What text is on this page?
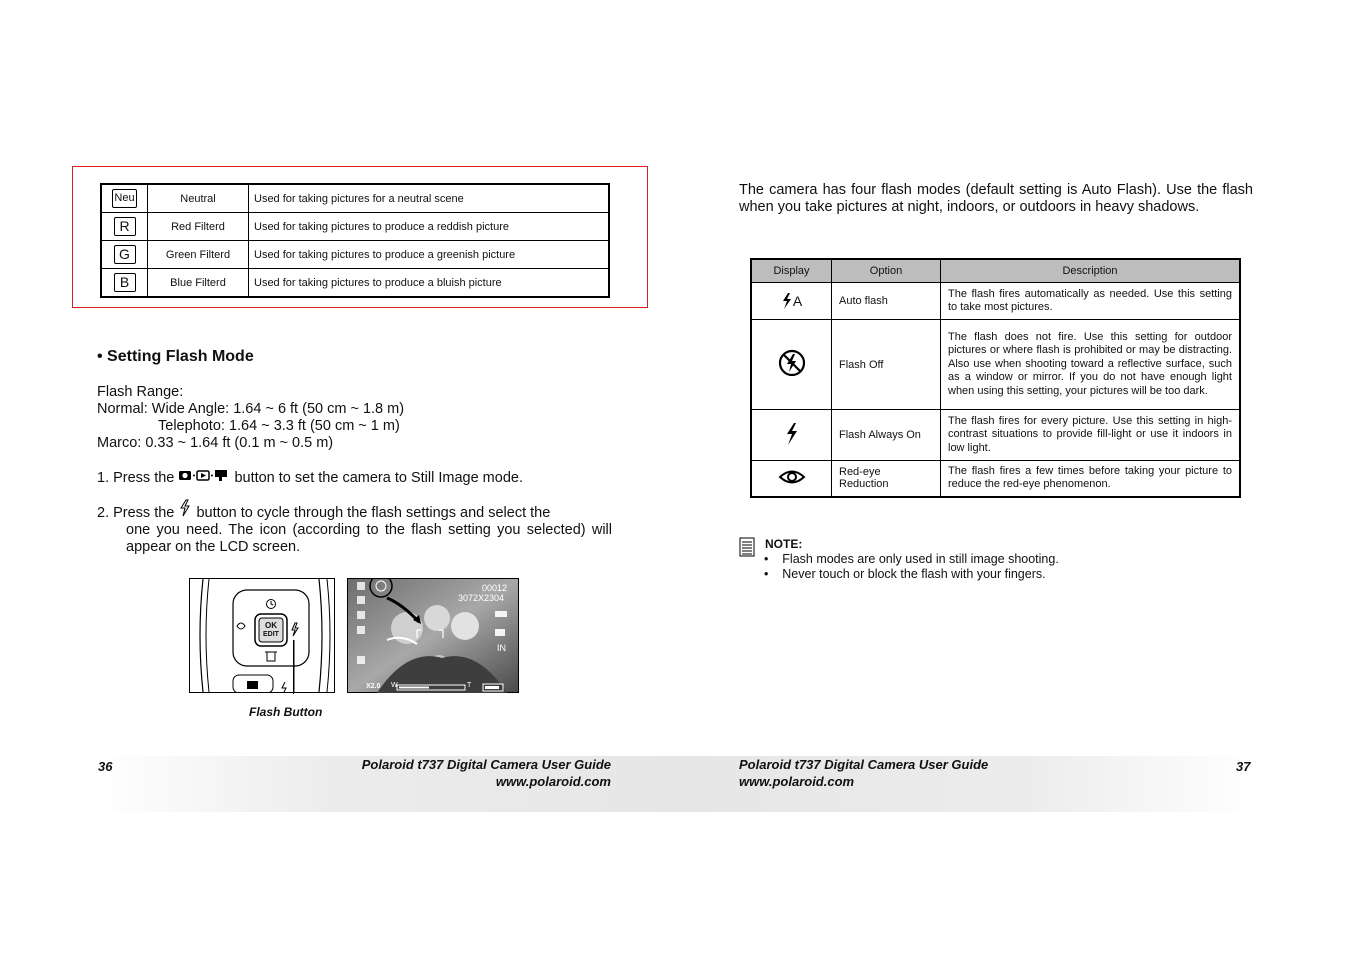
Neu	Neutral	Used for taking pictures for a neutral scene
R	Red Filterd	Used for taking pictures to produce a reddish picture
G	Green Filterd	Used for taking pictures to produce a greenish picture
B	Blue Filterd	Used for taking pictures to produce a bluish picture
• Setting Flash Mode

Flash Range:

Normal: Wide Angle: 1.64 ~ 6 ft (50 cm ~ 1.8 m)

Telephoto: 1.64 ~ 3.3 ft (50 cm ~ 1 m)

Marco: 0.33 ~ 1.64 ft (0.1 m ~ 0.5 m)

1. Press the	button to set the camera to Still Image mode.

2. Press the button to cycle through the flash settings and select the

one you need. The icon (according to the flash setting you selected) will appear on the LCD screen.

OK
EDIT
00012
3072X2304
IN
X2.0 W	T
Flash Button

The camera has four flash modes (default setting is Auto Flash). Use the flash when you take pictures at night, indoors, or outdoors in heavy shadows.

Display	Option	Description
A	Auto flash	The flash fires automatically as needed. Use this setting to take most pictures.
	Flash Off	The flash does not fire. Use this setting for outdoor pictures or where flash is prohibited or may be distracting. Also use when shooting toward a reflective surface, such as a window or mirror. If you do not have enough light when using this setting, your pictures will be too dark.
	Flash Always On	The flash fires for every picture. Use this setting in high-contrast situations to provide fill-light or use it indoors in low light.
	Red-eye Reduction	The flash fires a few times before taking your picture to reduce the red-eye phenomenon.
NOTE:
•    Flash modes are only used in still image shooting.
•    Never touch or block the flash with your fingers.
36	Polaroid t737 Digital Camera User Guide
www.polaroid.com
Polaroid t737 Digital Camera User Guide
www.polaroid.com
37
